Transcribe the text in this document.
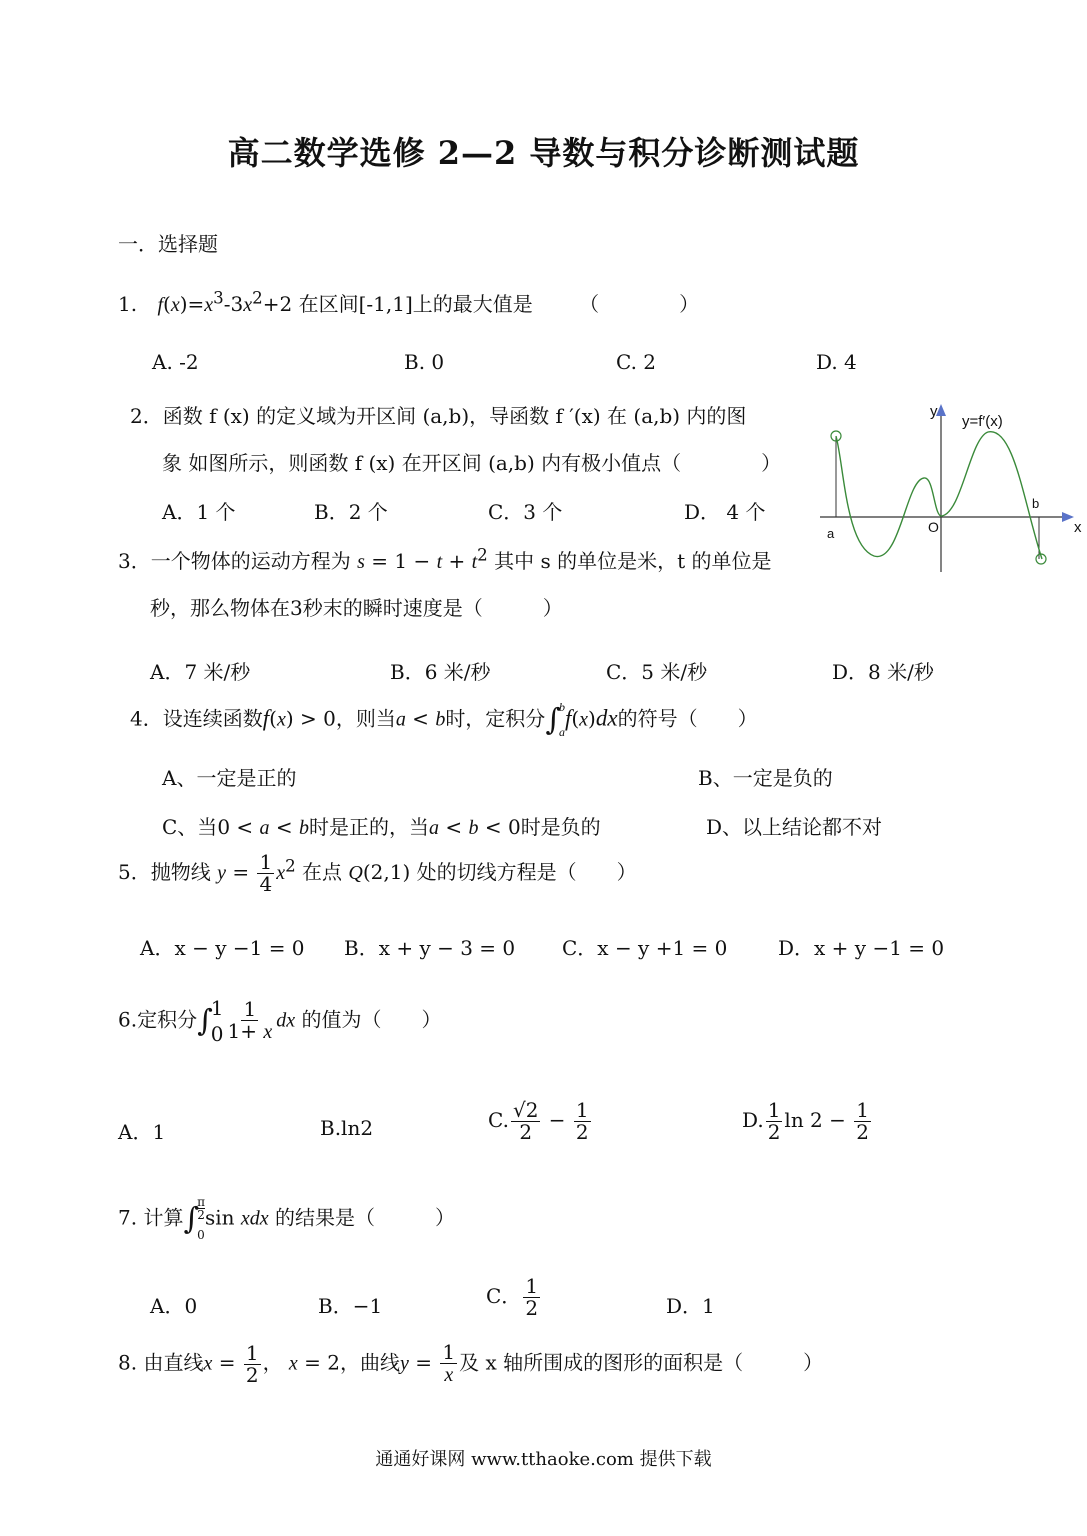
高二数学选修 2—2 导数与积分诊断测试题
一．选择题
1. $f(x)=x^3-3x^2+2$ 在区间[-1,1]上的最大值是 （　　　　）
A. -2	B. 0	C. 2	D. 4
2．函数 f (x) 的定义域为开区间 (a,b)，导函数 f ′(x) 在 (a,b) 内的图
象 如图所示，则函数 f (x) 在开区间 (a,b) 内有极小值点（　　　　）
A．1 个	B．2 个	C．3 个	D． 4 个
y
y=f′(x)
x
O
a
b
3．一个物体的运动方程为 $s = 1 - t + t^2$ 其中 s 的单位是米，t 的单位是
秒，那么物体在3秒末的瞬时速度是（　　　）
A．7 米/秒	B．6 米/秒	C．5 米/秒	D．8 米/秒
4．设连续函数f(x) > 0，则当a < b时，定积分∫
b
a
f(x)dx的符号（　　）
A、一定是正的	B、一定是负的
C、当0 < a < b时是正的，当a < b < 0时是负的	D、以上结论都不对
5．抛物线 $y = \frac{1}{4} x^2$ 在点 Q(2,1) 处的切线方程是（　　）
A．x − y −1 = 0 B．x + y − 3 = 0 C．x − y +1 = 0	D．x + y −1 = 0
6.定积分∫
1
$0 \frac{1}{1+ x}$ dx 的值为（　　）
A．1	B.ln2	C. $\frac{√2}{2} - \frac{1}{2}$	D. $\frac{1}{2}$ $\ln 2 - \frac{1}{2}$
7. 计算∫
π
2
0
sin xdx 的结果是（　　　）
A．0	B．−1	C． $\frac{1}{2}$	D．1
8. 由直线$x = \frac{1}{2}$ ， x = 2，曲线$y = \frac{1}{x}$ 及 x 轴所围成的图形的面积是（　　　）
通通好课网 www.tthaoke.com 提供下载
